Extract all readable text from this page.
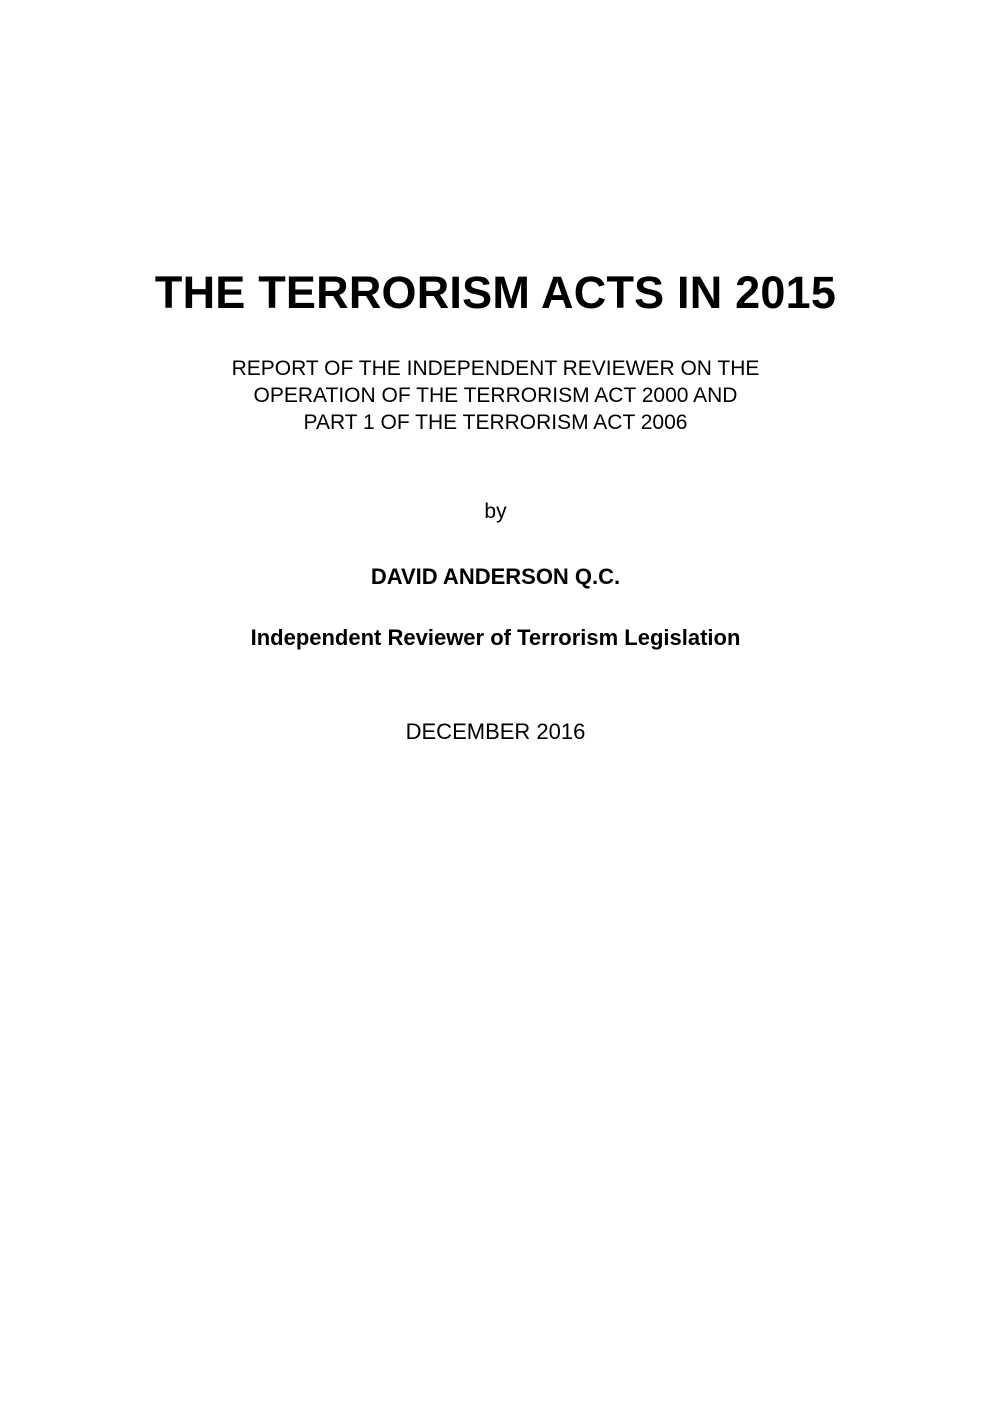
THE TERRORISM ACTS IN 2015

REPORT OF THE INDEPENDENT REVIEWER ON THE
OPERATION OF THE TERRORISM ACT 2000 AND
PART 1 OF THE TERRORISM ACT 2006

by

DAVID ANDERSON Q.C.

Independent Reviewer of Terrorism Legislation

DECEMBER 2016
